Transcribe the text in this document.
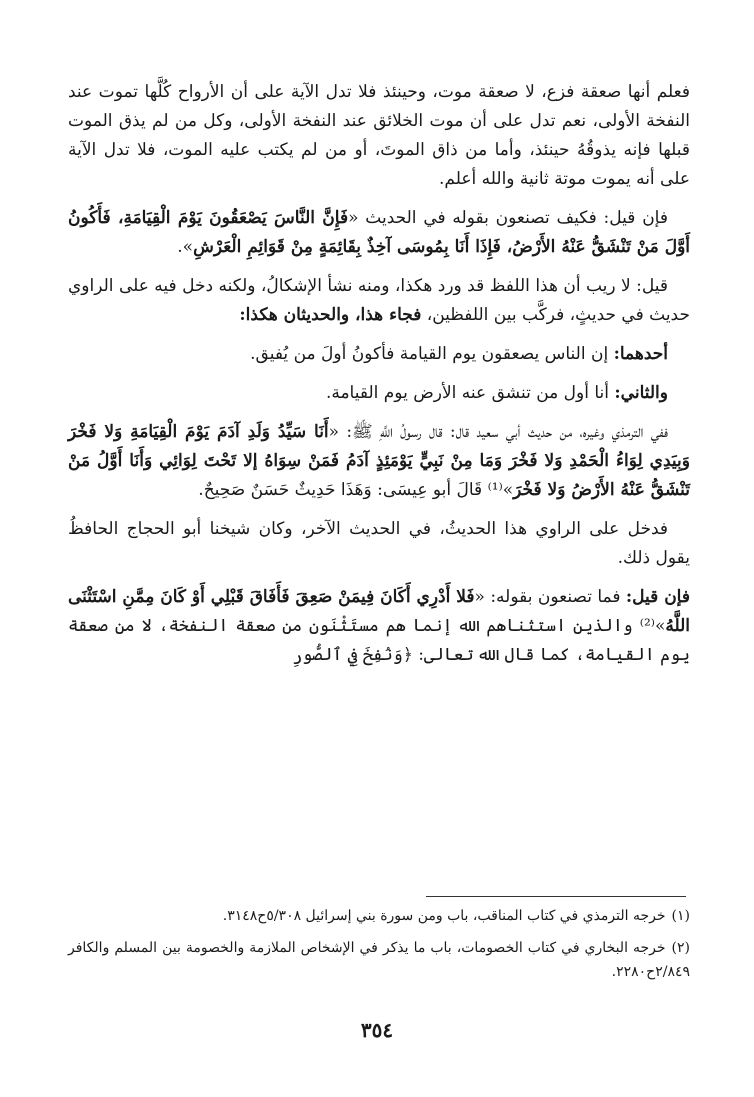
فعلم أنها صعقة فزع، لا صعقة موت، وحينئذ فلا تدل الآية على أن الأرواح كُلَّها تموت عند النفخة الأولى، نعم تدل على أن موت الخلائق عند النفخة الأولى، وكل من لم يذق الموت قبلها فإنه يذوقُهُ حينئذ، وأما من ذاق الموتَ، أو من لم يكتب عليه الموت، فلا تدل الآية على أنه يموت موتة ثانية والله أعلم.

فإن قيل: فكيف تصنعون بقوله في الحديث «فَإِنَّ النَّاسَ يَصْعَقُونَ يَوْمَ الْقِيَامَةِ، فَأَكُونُ أَوَّلَ مَنْ تَنْشَقُّ عَنْهُ الأَرْضُ، فَإِذَا أَنَا بِمُوسَى آخِذٌ بِقَائِمَةٍ مِنْ قَوَائِمِ الْعَرْشِ».

قيل: لا ريب أن هذا اللفظ قد ورد هكذا، ومنه نشأ الإشكالُ، ولكنه دخل فيه على الراوي حديث في حديثٍ، فركَّب بين اللفظين، فجاء هذا، والحديثان هكذا:

أحدهما: إن الناس يصعقون يوم القيامة فأكونُ أولَ من يُفيق.

والثاني: أنا أول من تنشق عنه الأرض يوم القيامة.

ففي الترمذي وغيره، من حديث أبي سعيد قال: قال رسولُ اللَّهِ ﷺ: «أَنَا سَيِّدُ وَلَدِ آدَمَ يَوْمَ الْقِيَامَةِ وَلا فَخْرَ وَبِيَدِي لِوَاءُ الْحَمْدِ وَلا فَخْرَ وَمَا مِنْ نَبِيٍّ يَوْمَئِذٍ آدَمُ فَمَنْ سِوَاهُ إلا تَحْتَ لِوَائِي وَأَنَا أَوَّلُ مَنْ تَنْشَقُّ عَنْهُ الأَرْضُ وَلا فَخْرَ»⁽¹⁾ قَالَ أبو عِيسَى: وَهَذَا حَدِيثٌ حَسَنٌ صَحِيحٌ.

فدخل على الراوي هذا الحديثُ، في الحديث الآخر، وكان شيخنا أبو الحجاج الحافظُ يقول ذلك.

فإن قيل: فما تصنعون بقوله: «فَلا أَدْرِي أَكَانَ فِيمَنْ صَعِقَ فَأَفَاقَ قَبْلِي أَوْ كَانَ مِمَّنِ اسْتَثْنَى اللَّهُ»⁽²⁾ والذين استثناهم الله إنما هم مستَثْنَون من صعقة النفخة، لا من صعقة يوم القيامة، كما قال الله تعالى: ﴿وَنُفِخَ فِي ٱلصُّورِ

(١)خرجه الترمذي في كتاب المناقب، باب ومن سورة بني إسرائيل ٥/٣٠٨ح٣١٤٨.

(٢)خرجه البخاري في كتاب الخصومات، باب ما يذكر في الإشخاص الملازمة والخصومة بين المسلم والكافر ٢/٨٤٩ح٢٢٨٠.

٣٥٤
